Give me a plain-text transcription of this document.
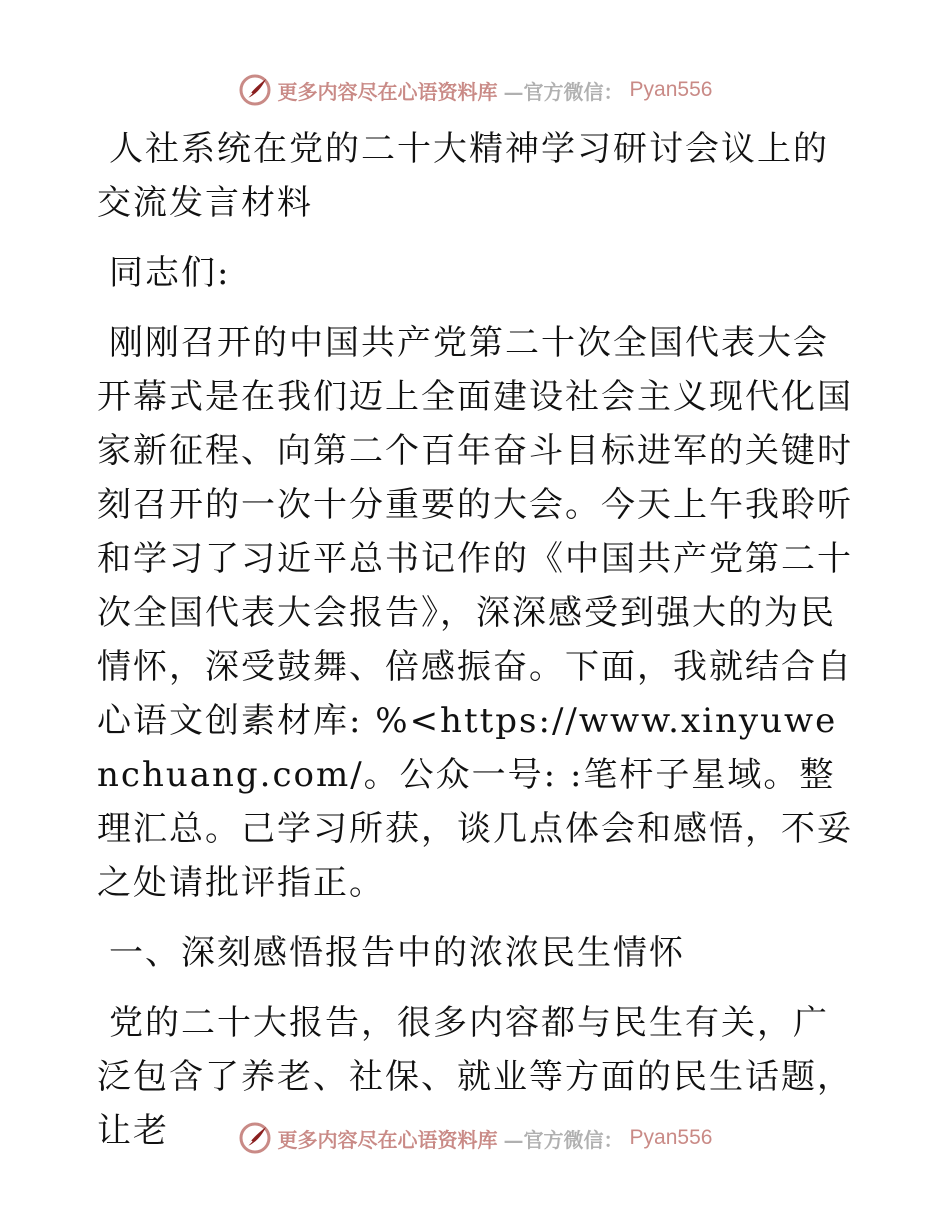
更多内容尽在心语资料库 —官方微信： Pyan556

人社系统在党的二十大精神学习研讨会议上的交流发言材料

同志们:

刚刚召开的中国共产党第二十次全国代表大会开幕式是在我们迈上全面建设社会主义现代化国家新征程、向第二个百年奋斗目标进军的关键时刻召开的一次十分重要的大会。今天上午我聆听和学习了习近平总书记作的《中国共产党第二十次全国代表大会报告》，深深感受到强大的为民情怀，深受鼓舞、倍感振奋。下面，我就结合自心语文创素材库: %<https://www.xinyuwenchuang.com/。公众一号: :笔杆子星域。整理汇总。己学习所获，谈几点体会和感悟，不妥之处请批评指正。

一、深刻感悟报告中的浓浓民生情怀

党的二十大报告，很多内容都与民生有关，广泛包含了养老、社保、就业等方面的民生话题，让老	更多内容尽在心语资料库 —官方微信： Pyan556
